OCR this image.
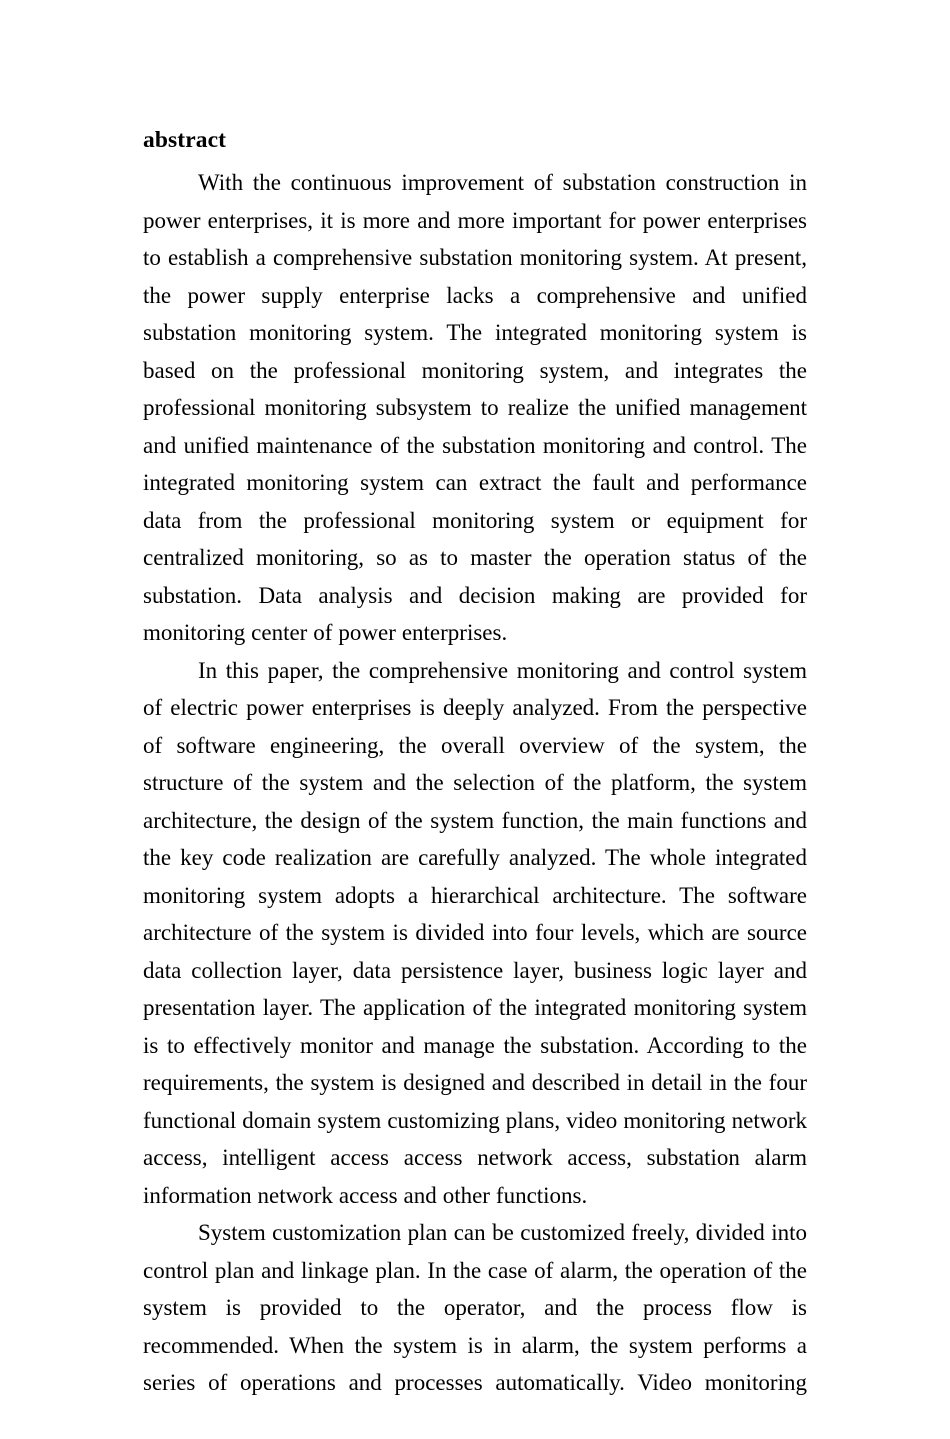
abstract

With the continuous improvement of substation construction in power enterprises, it is more and more important for power enterprises to establish a comprehensive substation monitoring system. At present, the power supply enterprise lacks a comprehensive and unified substation monitoring system. The integrated monitoring system is based on the professional monitoring system, and integrates the professional monitoring subsystem to realize the unified management and unified maintenance of the substation monitoring and control. The integrated monitoring system can extract the fault and performance data from the professional monitoring system or equipment for centralized monitoring, so as to master the operation status of the substation. Data analysis and decision making are provided for monitoring center of power enterprises.

In this paper, the comprehensive monitoring and control system of electric power enterprises is deeply analyzed. From the perspective of software engineering, the overall overview of the system, the structure of the system and the selection of the platform, the system architecture, the design of the system function, the main functions and the key code realization are carefully analyzed. The whole integrated monitoring system adopts a hierarchical architecture. The software architecture of the system is divided into four levels, which are source data collection layer, data persistence layer, business logic layer and presentation layer. The application of the integrated monitoring system is to effectively monitor and manage the substation. According to the requirements, the system is designed and described in detail in the four functional domain system customizing plans, video monitoring network access, intelligent access access network access, substation alarm information network access and other functions.

System customization plan can be customized freely, divided into control plan and linkage plan. In the case of alarm, the operation of the system is provided to the operator, and the process flow is recommended. When the system is in alarm, the system performs a series of operations and processes automatically. Video monitoring
